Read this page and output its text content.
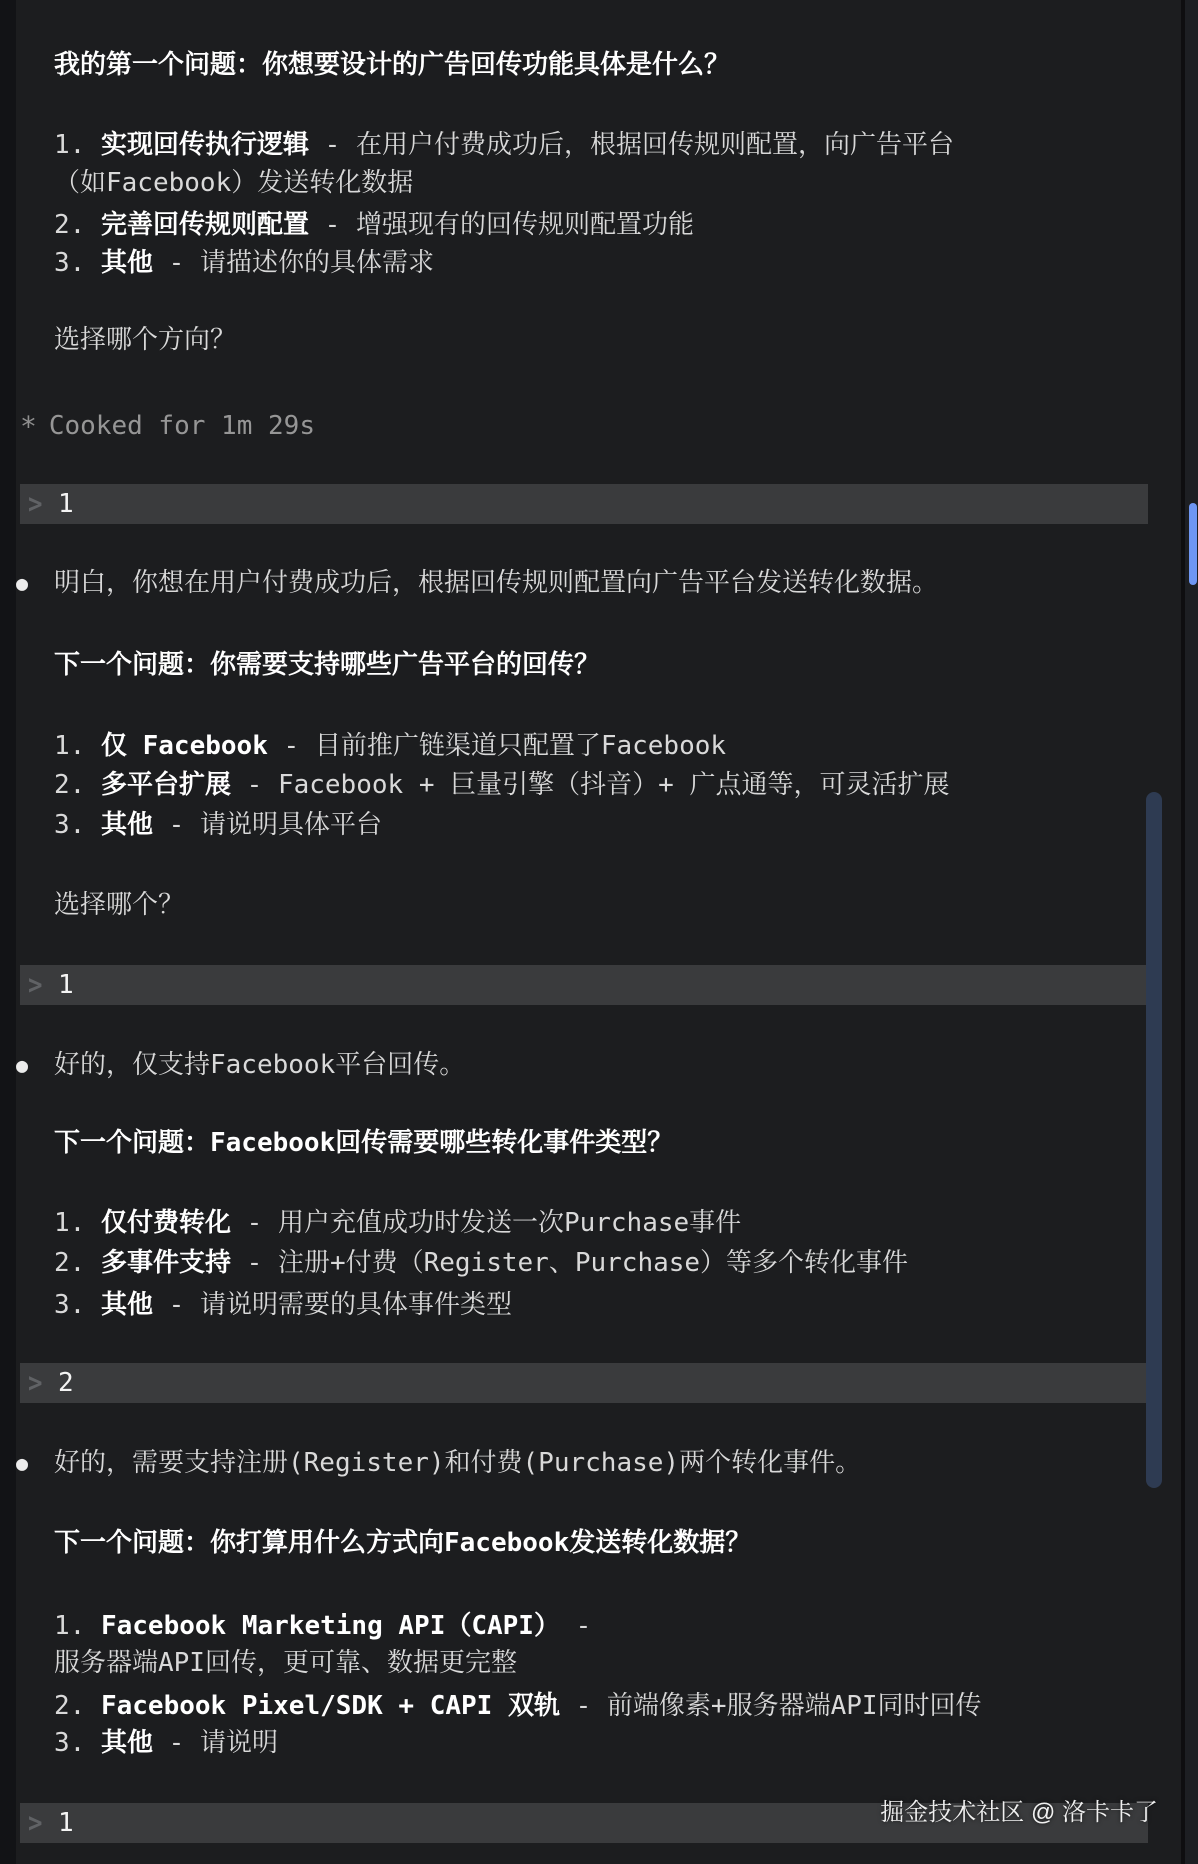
我的第一个问题：你想要设计的广告回传功能具体是什么？
1. 实现回传执行逻辑 - 在用户付费成功后，根据回传规则配置，向广告平台
（如Facebook）发送转化数据
2. 完善回传规则配置 - 增强现有的回传规则配置功能
3. 其他 - 请描述你的具体需求
选择哪个方向？
* Cooked for 1m 29s
> 1
● 明白，你想在用户付费成功后，根据回传规则配置向广告平台发送转化数据。
下一个问题：你需要支持哪些广告平台的回传？
1. 仅 Facebook - 目前推广链渠道只配置了Facebook
2. 多平台扩展 - Facebook + 巨量引擎（抖音）+ 广点通等，可灵活扩展
3. 其他 - 请说明具体平台
选择哪个？
> 1
● 好的，仅支持Facebook平台回传。
下一个问题：Facebook回传需要哪些转化事件类型？
1. 仅付费转化 - 用户充值成功时发送一次Purchase事件
2. 多事件支持 - 注册+付费（Register、Purchase）等多个转化事件
3. 其他 - 请说明需要的具体事件类型
> 2
● 好的，需要支持注册(Register)和付费(Purchase)两个转化事件。
下一个问题：你打算用什么方式向Facebook发送转化数据？
1. Facebook Marketing API（CAPI） -
服务器端API回传，更可靠、数据更完整
2. Facebook Pixel/SDK + CAPI 双轨 - 前端像素+服务器端API同时回传
3. 其他 - 请说明
> 1	掘金技术社区 @ 洛卡卡了
